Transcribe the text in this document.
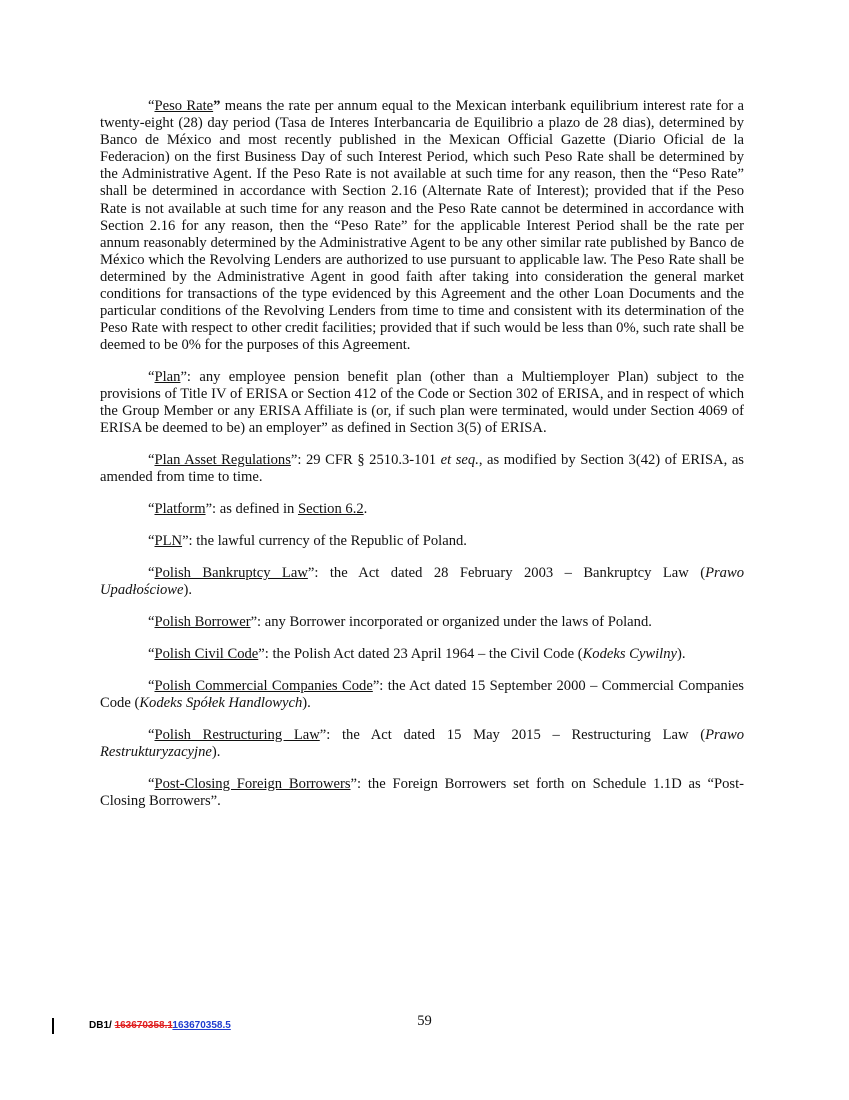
“Peso Rate” means the rate per annum equal to the Mexican interbank equilibrium interest rate for a twenty-eight (28) day period (Tasa de Interes Interbancaria de Equilibrio a plazo de 28 dias), determined by Banco de México and most recently published in the Mexican Official Gazette (Diario Oficial de la Federacion) on the first Business Day of such Interest Period, which such Peso Rate shall be determined by the Administrative Agent. If the Peso Rate is not available at such time for any reason, then the “Peso Rate” shall be determined in accordance with Section 2.16 (Alternate Rate of Interest); provided that if the Peso Rate is not available at such time for any reason and the Peso Rate cannot be determined in accordance with Section 2.16 for any reason, then the “Peso Rate” for the applicable Interest Period shall be the rate per annum reasonably determined by the Administrative Agent to be any other similar rate published by Banco de México which the Revolving Lenders are authorized to use pursuant to applicable law. The Peso Rate shall be determined by the Administrative Agent in good faith after taking into consideration the general market conditions for transactions of the type evidenced by this Agreement and the other Loan Documents and the particular conditions of the Revolving Lenders from time to time and consistent with its determination of the Peso Rate with respect to other credit facilities; provided that if such would be less than 0%, such rate shall be deemed to be 0% for the purposes of this Agreement.

“Plan”: any employee pension benefit plan (other than a Multiemployer Plan) subject to the provisions of Title IV of ERISA or Section 412 of the Code or Section 302 of ERISA, and in respect of which the Group Member or any ERISA Affiliate is (or, if such plan were terminated, would under Section 4069 of ERISA be deemed to be) an employer” as defined in Section 3(5) of ERISA.

“Plan Asset Regulations”: 29 CFR § 2510.3-101 et seq., as modified by Section 3(42) of ERISA, as amended from time to time.

“Platform”: as defined in Section 6.2.

“PLN”: the lawful currency of the Republic of Poland.

“Polish Bankruptcy Law”: the Act dated 28 February 2003 – Bankruptcy Law (Prawo Upadłościowe).

“Polish Borrower”: any Borrower incorporated or organized under the laws of Poland.

“Polish Civil Code”: the Polish Act dated 23 April 1964 – the Civil Code (Kodeks Cywilny).

“Polish Commercial Companies Code”: the Act dated 15 September 2000 – Commercial Companies Code (Kodeks Spółek Handlowych).

“Polish Restructuring Law”: the Act dated 15 May 2015 – Restructuring Law (Prawo Restrukturyzacyjne).

“Post-Closing Foreign Borrowers”: the Foreign Borrowers set forth on Schedule 1.1D as “Post-Closing Borrowers”.

59
DB1/ 163670358.1163670358.5
